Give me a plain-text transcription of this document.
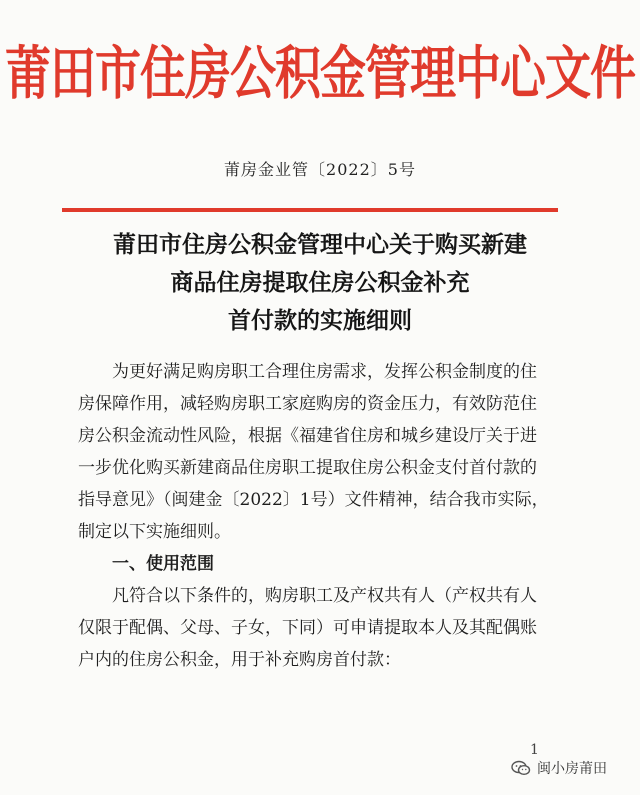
莆田市住房公积金管理中心文件
莆房金业管〔2022〕5号
莆田市住房公积金管理中心关于购买新建
商品住房提取住房公积金补充
首付款的实施细则
为更好满足购房职工合理住房需求，发挥公积金制度的住
房保障作用，减轻购房职工家庭购房的资金压力，有效防范住
房公积金流动性风险，根据《福建省住房和城乡建设厅关于进
一步优化购买新建商品住房职工提取住房公积金支付首付款的
指导意见》（闽建金〔2022〕1号）文件精神，结合我市实际，
制定以下实施细则。
一、使用范围
凡符合以下条件的，购房职工及产权共有人（产权共有人
仅限于配偶、父母、子女，下同）可申请提取本人及其配偶账
户内的住房公积金，用于补充购房首付款：
1
闽小房莆田
